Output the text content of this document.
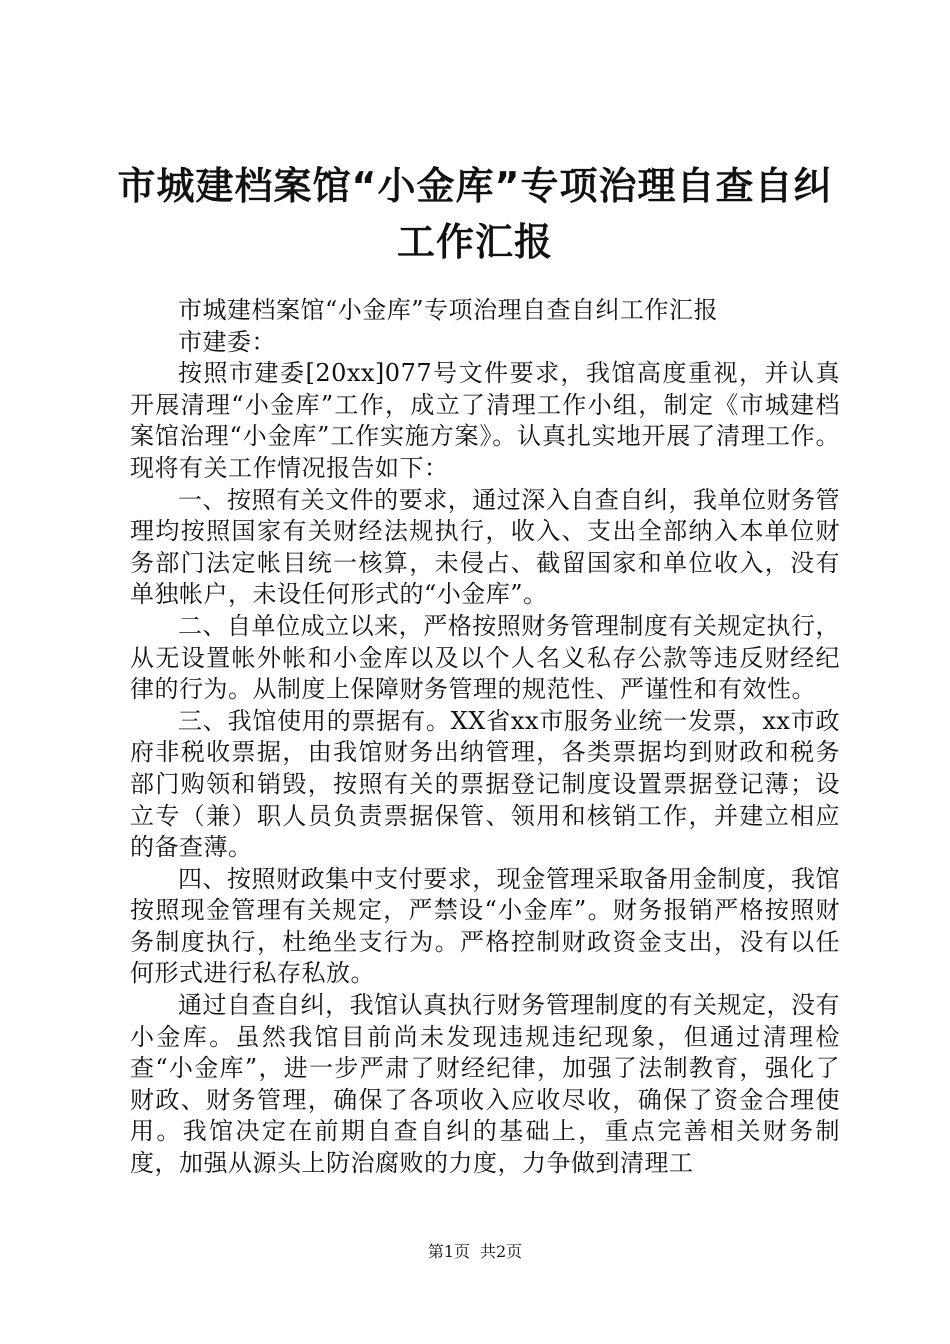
市城建档案馆“小金库”专项治理自查自纠工作汇报

市城建档案馆“小金库”专项治理自查自纠工作汇报

市建委：

按照市建委[20xx]077号文件要求，我馆高度重视，并认真开展清理“小金库”工作，成立了清理工作小组，制定《市城建档案馆治理“小金库”工作实施方案》。认真扎实地开展了清理工作。现将有关工作情况报告如下：

一、按照有关文件的要求，通过深入自查自纠，我单位财务管理均按照国家有关财经法规执行，收入、支出全部纳入本单位财务部门法定帐目统一核算，未侵占、截留国家和单位收入，没有单独帐户，未设任何形式的“小金库”。

二、自单位成立以来，严格按照财务管理制度有关规定执行，从无设置帐外帐和小金库以及以个人名义私存公款等违反财经纪律的行为。从制度上保障财务管理的规范性、严谨性和有效性。

三、我馆使用的票据有。XX省xx市服务业统一发票，xx市政府非税收票据，由我馆财务出纳管理，各类票据均到财政和税务部门购领和销毁，按照有关的票据登记制度设置票据登记薄；设立专（兼）职人员负责票据保管、领用和核销工作，并建立相应的备查薄。

四、按照财政集中支付要求，现金管理采取备用金制度，我馆按照现金管理有关规定，严禁设“小金库”。财务报销严格按照财务制度执行，杜绝坐支行为。严格控制财政资金支出，没有以任何形式进行私存私放。

通过自查自纠，我馆认真执行财务管理制度的有关规定，没有小金库。虽然我馆目前尚未发现违规违纪现象，但通过清理检查“小金库”，进一步严肃了财经纪律，加强了法制教育，强化了财政、财务管理，确保了各项收入应收尽收，确保了资金合理使用。我馆决定在前期自查自纠的基础上，重点完善相关财务制度，加强从源头上防治腐败的力度，力争做到清理工

第1页 共2页
